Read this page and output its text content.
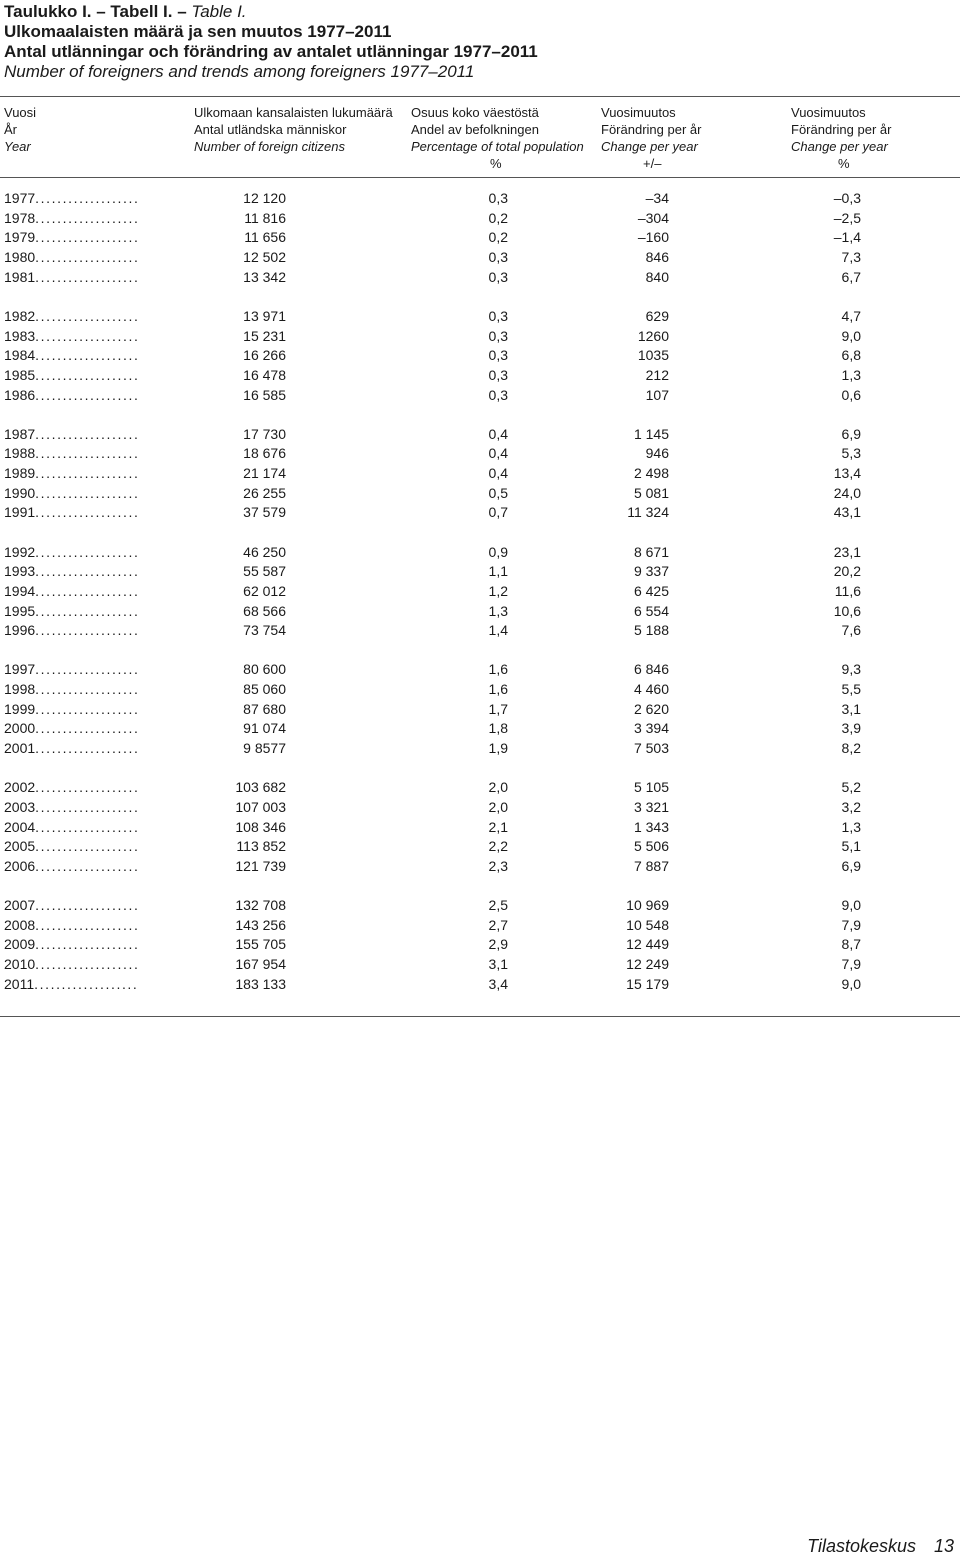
Taulukko I. – Tabell I. – Table I.
Ulkomaalaisten määrä ja sen muutos 1977–2011
Antal utlänningar och förändring av antalet utlänningar 1977–2011
Number of foreigners and trends among foreigners 1977–2011
Vuosi
År
Year
Ulkomaan kansalaisten lukumäärä
Antal utländska människor
Number of foreign citizens
Osuus koko väestöstä
Andel av befolkningen
Percentage of total population
Vuosimuutos
Förändring per år
Change per year
Vuosimuutos
Förändring per år
Change per year
%	+/–	%
1977...................	12 120	0,3	–34	–0,3
1978...................	11 816	0,2	–304	–2,5
1979...................	11 656	0,2	–160	–1,4
1980...................	12 502	0,3	846	7,3
1981...................	13 342	0,3	840	6,7
1982...................	13 971	0,3	629	4,7
1983...................	15 231	0,3	1260	9,0
1984...................	16 266	0,3	1035	6,8
1985...................	16 478	0,3	212	1,3
1986...................	16 585	0,3	107	0,6
1987...................	17 730	0,4	1 145	6,9
1988...................	18 676	0,4	946	5,3
1989...................	21 174	0,4	2 498	13,4
1990...................	26 255	0,5	5 081	24,0
1991...................	37 579	0,7	11 324	43,1
1992...................	46 250	0,9	8 671	23,1
1993...................	55 587	1,1	9 337	20,2
1994...................	62 012	1,2	6 425	11,6
1995...................	68 566	1,3	6 554	10,6
1996...................	73 754	1,4	5 188	7,6
1997...................	80 600	1,6	6 846	9,3
1998...................	85 060	1,6	4 460	5,5
1999...................	87 680	1,7	2 620	3,1
2000...................	91 074	1,8	3 394	3,9
2001...................	9 8577	1,9	7 503	8,2
2002...................	103 682	2,0	5 105	5,2
2003...................	107 003	2,0	3 321	3,2
2004...................	108 346	2,1	1 343	1,3
2005...................	113 852	2,2	5 506	5,1
2006...................	121 739	2,3	7 887	6,9
2007...................	132 708	2,5	10 969	9,0
2008...................	143 256	2,7	10 548	7,9
2009...................	155 705	2,9	12 449	8,7
2010...................	167 954	3,1	12 249	7,9
2011...................	183 133	3,4	15 179	9,0
Tilastokeskus 13
